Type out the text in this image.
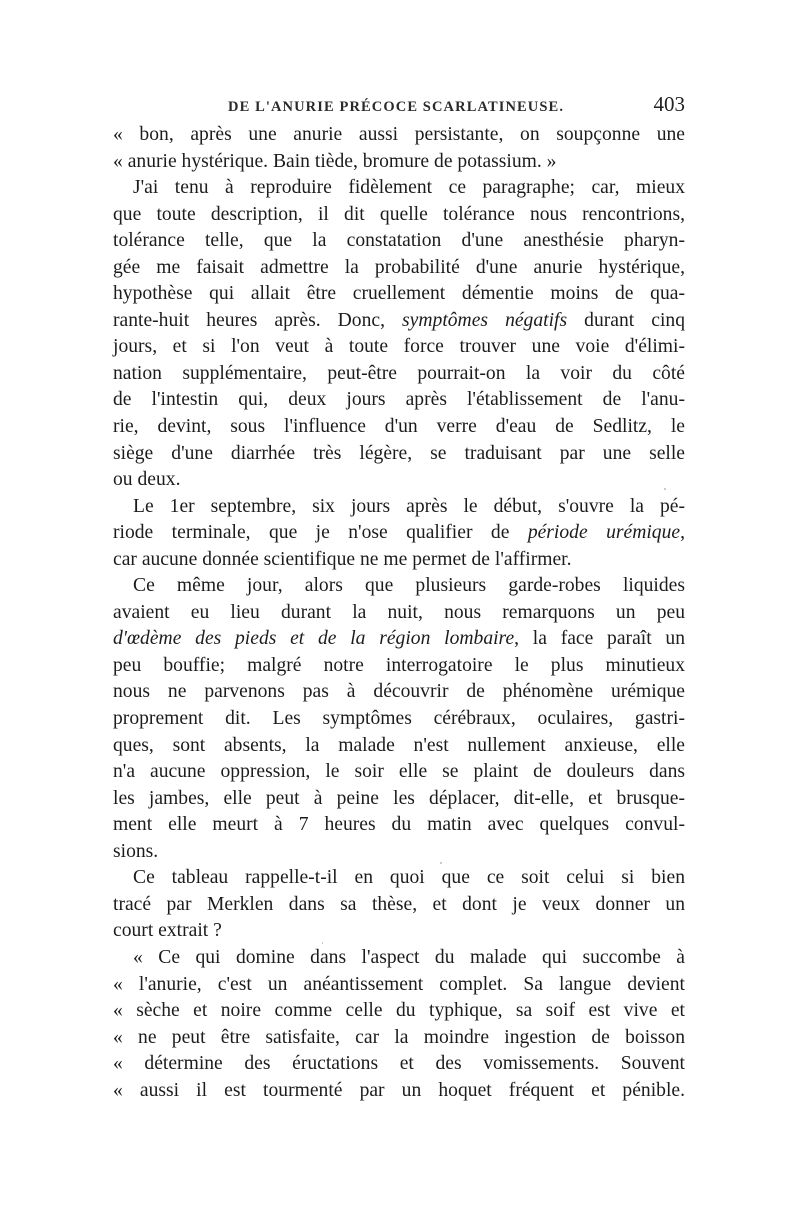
DE L'ANURIE PRÉCOCE SCARLATINEUSE.	403
« bon, après une anurie aussi persistante, on soupçonne une
« anurie hystérique. Bain tiède, bromure de potassium. »
J'ai tenu à reproduire fidèlement ce paragraphe; car, mieux
que toute description, il dit quelle tolérance nous rencontrions,
tolérance telle, que la constatation d'une anesthésie pharyn-
gée me faisait admettre la probabilité d'une anurie hystérique,
hypothèse qui allait être cruellement démentie moins de qua-
rante-huit heures après. Donc, symptômes négatifs durant cinq
jours, et si l'on veut à toute force trouver une voie d'élimi-
nation supplémentaire, peut-être pourrait-on la voir du côté
de l'intestin qui, deux jours après l'établissement de l'anu-
rie, devint, sous l'influence d'un verre d'eau de Sedlitz, le
siège d'une diarrhée très légère, se traduisant par une selle
ou deux.
Le 1er septembre, six jours après le début, s'ouvre la pé-
riode terminale, que je n'ose qualifier de période urémique,
car aucune donnée scientifique ne me permet de l'affirmer.
Ce même jour, alors que plusieurs garde-robes liquides
avaient eu lieu durant la nuit, nous remarquons un peu
d'œdème des pieds et de la région lombaire, la face paraît un
peu bouffie; malgré notre interrogatoire le plus minutieux
nous ne parvenons pas à découvrir de phénomène urémique
proprement dit. Les symptômes cérébraux, oculaires, gastri-
ques, sont absents, la malade n'est nullement anxieuse, elle
n'a aucune oppression, le soir elle se plaint de douleurs dans
les jambes, elle peut à peine les déplacer, dit-elle, et brusque-
ment elle meurt à 7 heures du matin avec quelques convul-
sions.
Ce tableau rappelle-t-il en quoi que ce soit celui si bien
tracé par Merklen dans sa thèse, et dont je veux donner un
court extrait ?
« Ce qui domine dans l'aspect du malade qui succombe à
« l'anurie, c'est un anéantissement complet. Sa langue devient
« sèche et noire comme celle du typhique, sa soif est vive et
« ne peut être satisfaite, car la moindre ingestion de boisson
« détermine des éructations et des vomissements. Souvent
« aussi il est tourmenté par un hoquet fréquent et pénible.
